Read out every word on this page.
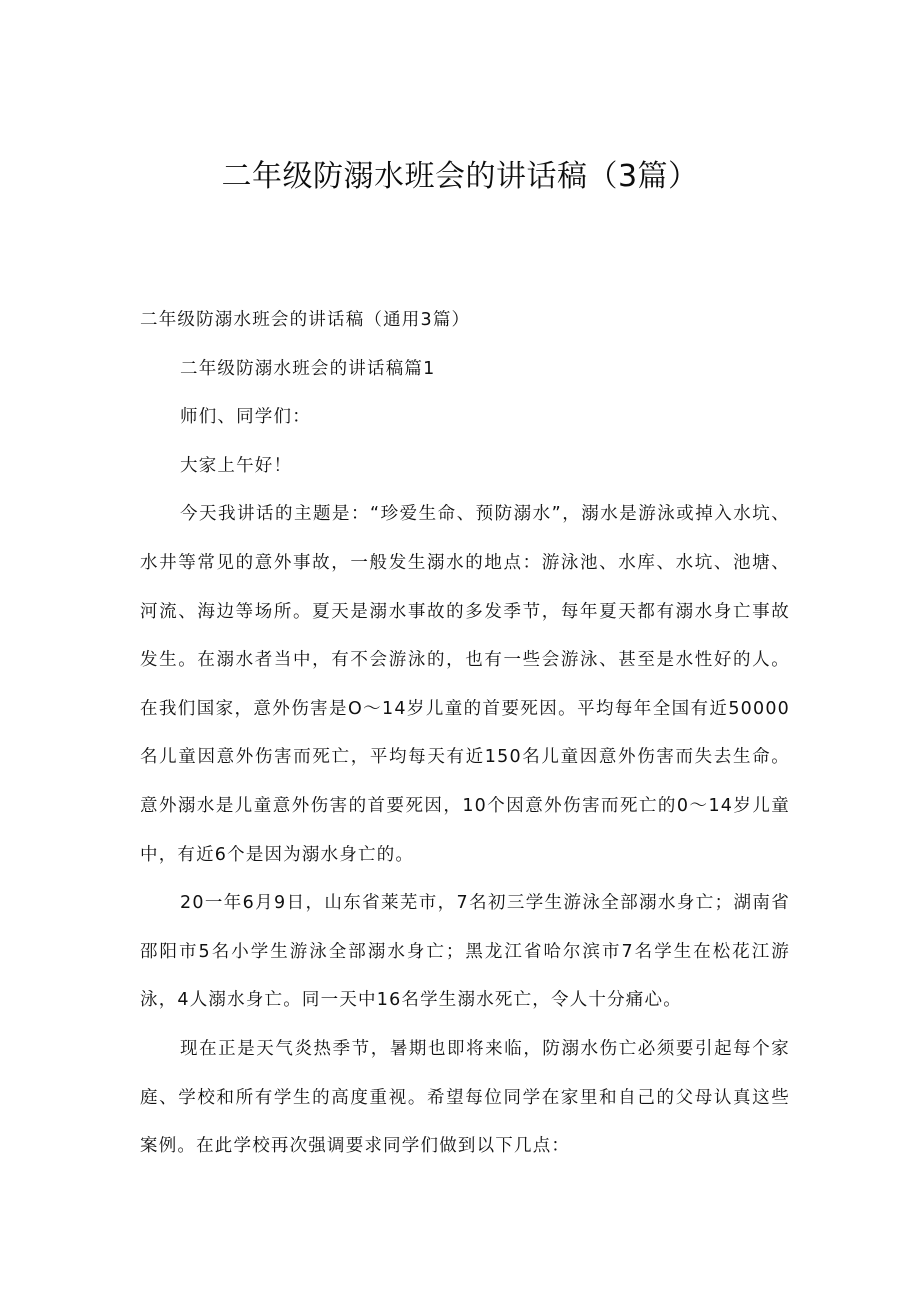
二年级防溺水班会的讲话稿（3篇）

二年级防溺水班会的讲话稿（通用3篇）

二年级防溺水班会的讲话稿篇1

师们、同学们：

大家上午好！

今天我讲话的主题是：“珍爱生命、预防溺水”，溺水是游泳或掉入水坑、水井等常见的意外事故，一般发生溺水的地点：游泳池、水库、水坑、池塘、河流、海边等场所。夏天是溺水事故的多发季节，每年夏天都有溺水身亡事故发生。在溺水者当中，有不会游泳的，也有一些会游泳、甚至是水性好的人。在我们国家，意外伤害是O～14岁儿童的首要死因。平均每年全国有近50000名儿童因意外伤害而死亡，平均每天有近150名儿童因意外伤害而失去生命。意外溺水是儿童意外伤害的首要死因，10个因意外伤害而死亡的0～14岁儿童中，有近6个是因为溺水身亡的。

20一年6月9日，山东省莱芜市，7名初三学生游泳全部溺水身亡；湖南省邵阳市5名小学生游泳全部溺水身亡；黑龙江省哈尔滨市7名学生在松花江游泳，4人溺水身亡。同一天中16名学生溺水死亡，令人十分痛心。

现在正是天气炎热季节，暑期也即将来临，防溺水伤亡必须要引起每个家庭、学校和所有学生的高度重视。希望每位同学在家里和自己的父母认真这些案例。在此学校再次强调要求同学们做到以下几点：
